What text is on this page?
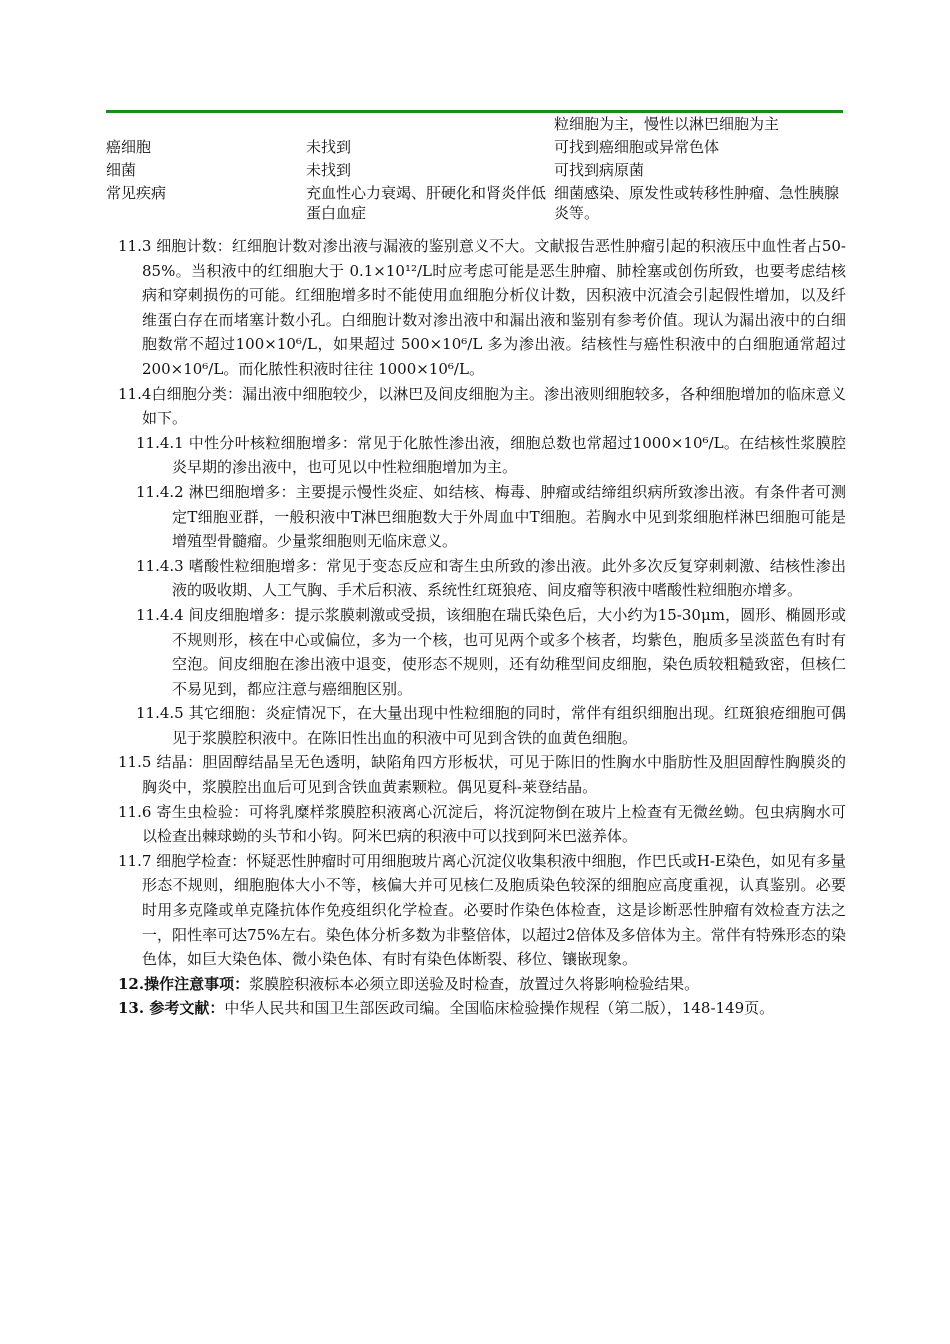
		粒细胞为主，慢性以淋巴细胞为主
癌细胞	未找到	可找到癌细胞或异常色体
细菌	未找到	可找到病原菌
常见疾病	充血性心力衰竭、肝硬化和肾炎伴低蛋白血症	细菌感染、原发性或转移性肿瘤、急性胰腺炎等。

11.3 细胞计数：红细胞计数对渗出液与漏液的鉴别意义不大。文献报告恶性肿瘤引起的积液压中血性者占50-85%。当积液中的红细胞大于 0.1×10¹²/L时应考虑可能是恶生肿瘤、肺栓塞或创伤所致，也要考虑结核病和穿刺损伤的可能。红细胞增多时不能使用血细胞分析仪计数，因积液中沉渣会引起假性增加，以及纤维蛋白存在而堵塞计数小孔。白细胞计数对渗出液中和漏出液和鉴别有参考价值。现认为漏出液中的白细胞数常不超过100×10⁶/L，如果超过 500×10⁶/L 多为渗出液。结核性与癌性积液中的白细胞通常超过200×10⁶/L。而化脓性积液时往往 1000×10⁶/L。

11.4白细胞分类：漏出液中细胞较少，以淋巴及间皮细胞为主。渗出液则细胞较多，各种细胞增加的临床意义如下。

11.4.1 中性分叶核粒细胞增多：常见于化脓性渗出液，细胞总数也常超过1000×10⁶/L。在结核性浆膜腔炎早期的渗出液中，也可见以中性粒细胞增加为主。

11.4.2 淋巴细胞增多：主要提示慢性炎症、如结核、梅毒、肿瘤或结缔组织病所致渗出液。有条件者可测定T细胞亚群，一般积液中T淋巴细胞数大于外周血中T细胞。若胸水中见到浆细胞样淋巴细胞可能是增殖型骨髓瘤。少量浆细胞则无临床意义。

11.4.3 嗜酸性粒细胞增多：常见于变态反应和寄生虫所致的渗出液。此外多次反复穿刺刺激、结核性渗出液的吸收期、人工气胸、手术后积液、系统性红斑狼疮、间皮瘤等积液中嗜酸性粒细胞亦增多。

11.4.4 间皮细胞增多：提示浆膜刺激或受损，该细胞在瑞氏染色后，大小约为15-30μm，圆形、椭圆形或不规则形，核在中心或偏位，多为一个核，也可见两个或多个核者，均紫色，胞质多呈淡蓝色有时有空泡。间皮细胞在渗出液中退变，使形态不规则，还有幼稚型间皮细胞，染色质较粗糙致密，但核仁不易见到，都应注意与癌细胞区别。

11.4.5 其它细胞：炎症情况下，在大量出现中性粒细胞的同时，常伴有组织细胞出现。红斑狼疮细胞可偶见于浆膜腔积液中。在陈旧性出血的积液中可见到含铁的血黄色细胞。

11.5 结晶：胆固醇结晶呈无色透明，缺陷角四方形板状，可见于陈旧的性胸水中脂肪性及胆固醇性胸膜炎的胸炎中，浆膜腔出血后可见到含铁血黄素颗粒。偶见夏科-莱登结晶。

11.6 寄生虫检验：可将乳糜样浆膜腔积液离心沉淀后，将沉淀物倒在玻片上检查有无微丝蚴。包虫病胸水可以检查出棘球蚴的头节和小钩。阿米巴病的积液中可以找到阿米巴滋养体。

11.7 细胞学检查：怀疑恶性肿瘤时可用细胞玻片离心沉淀仪收集积液中细胞，作巴氏或H-E染色，如见有多量形态不规则，细胞胞体大小不等，核偏大并可见核仁及胞质染色较深的细胞应高度重视，认真鉴别。必要时用多克隆或单克隆抗体作免疫组织化学检查。必要时作染色体检查，这是诊断恶性肿瘤有效检查方法之一，阳性率可达75%左右。染色体分析多数为非整倍体，以超过2倍体及多倍体为主。常伴有特殊形态的染色体，如巨大染色体、微小染色体、有时有染色体断裂、移位、镶嵌现象。

12.操作注意事项：浆膜腔积液标本必须立即送验及时检查，放置过久将影响检验结果。

13. 参考文献：中华人民共和国卫生部医政司编。全国临床检验操作规程（第二版），148-149页。
